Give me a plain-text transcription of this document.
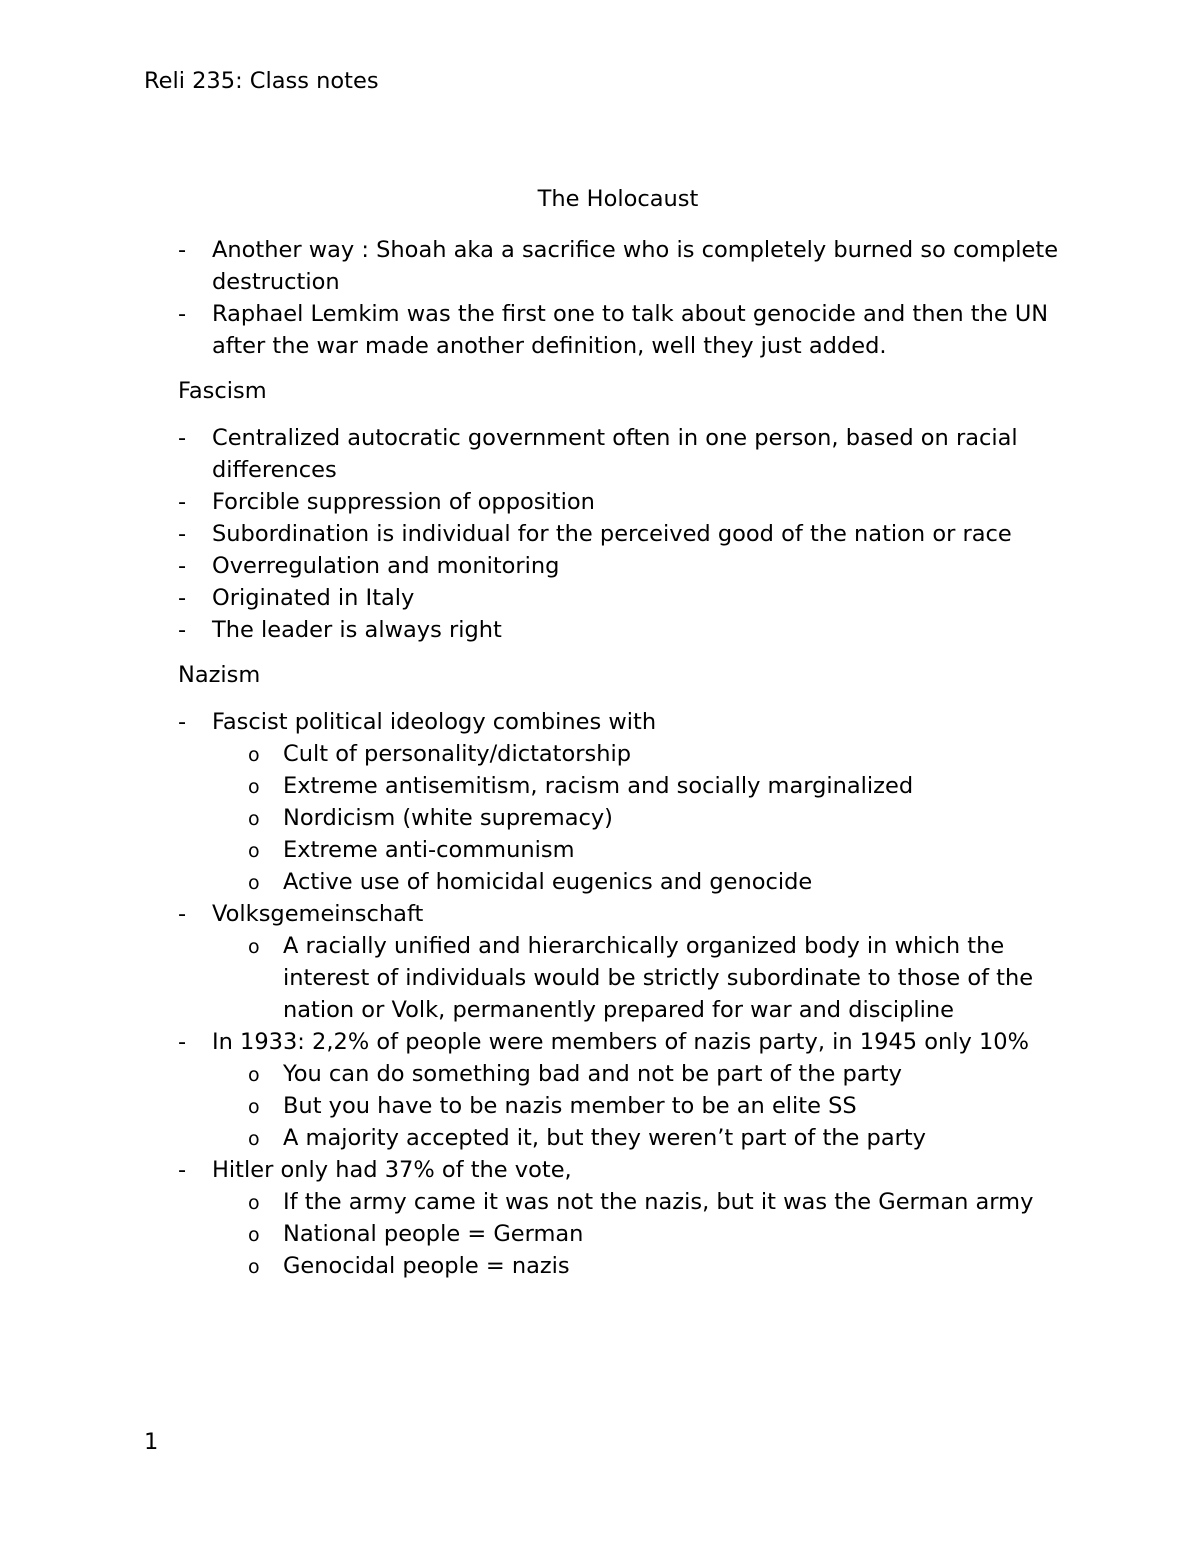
Reli 235: Class notes
The Holocaust
- Another way : Shoah aka a sacrifice who is completely burned so complete destruction
- Raphael Lemkim was the first one to talk about genocide and then the UN after the war made another definition, well they just added.
Fascism
- Centralized autocratic government often in one person, based on racial differences
- Forcible suppression of opposition
- Subordination is individual for the perceived good of the nation or race
- Overregulation and monitoring
- Originated in Italy
- The leader is always right
Nazism
- Fascist political ideology combines with
o Cult of personality/dictatorship
o Extreme antisemitism, racism and socially marginalized
o Nordicism (white supremacy)
o Extreme anti-communism
o Active use of homicidal eugenics and genocide
- Volksgemeinschaft
o A racially unified and hierarchically organized body in which the interest of individuals would be strictly subordinate to those of the nation or Volk, permanently prepared for war and discipline
- In 1933: 2,2% of people were members of nazis party, in 1945 only 10%
o You can do something bad and not be part of the party
o But you have to be nazis member to be an elite SS
o A majority accepted it, but they weren’t part of the party
- Hitler only had 37% of the vote,
o If the army came it was not the nazis, but it was the German army
o National people = German
o Genocidal people = nazis
1
